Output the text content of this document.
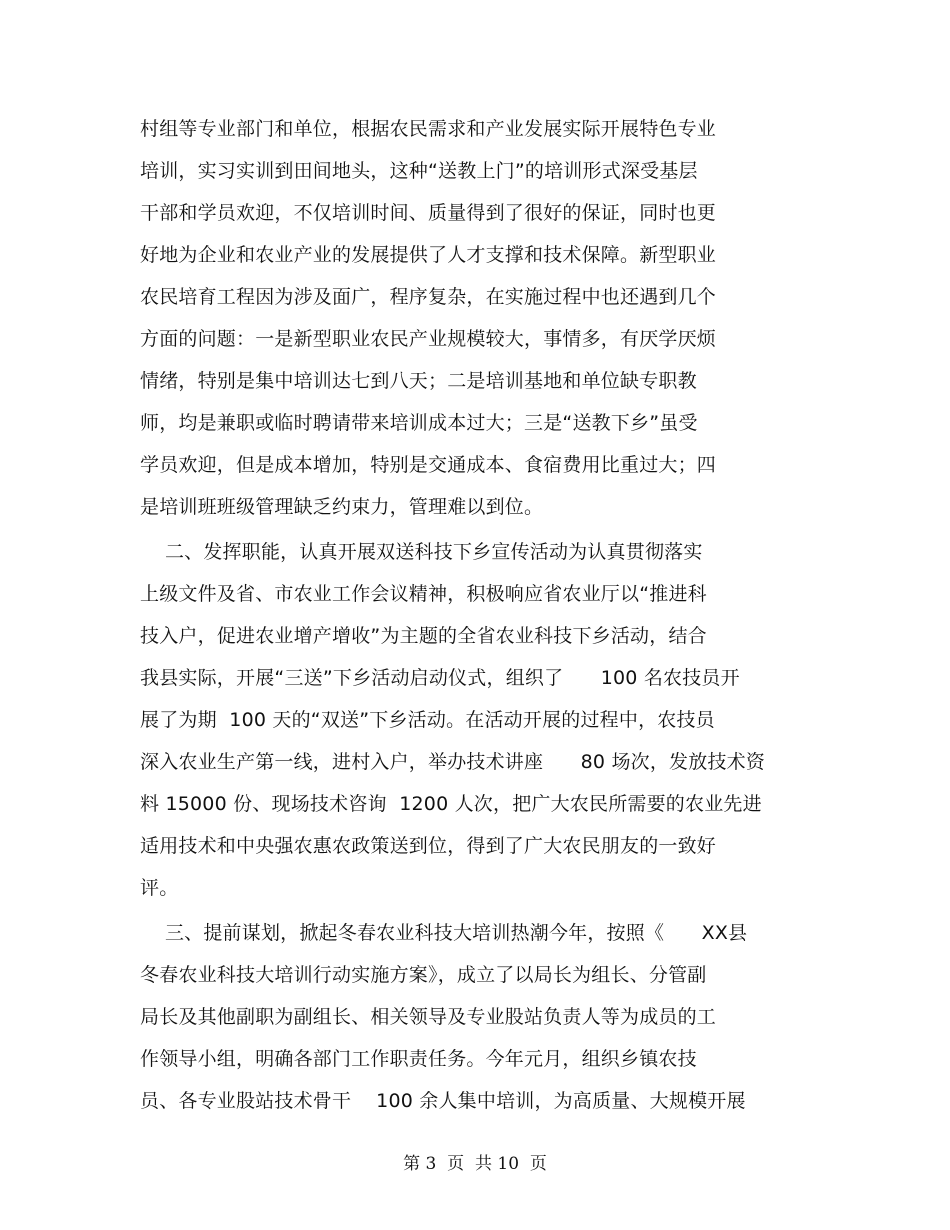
村组等专业部门和单位，根据农民需求和产业发展实际开展特色专业
培训，实习实训到田间地头，这种“送教上门”的培训形式深受基层
干部和学员欢迎，不仅培训时间、质量得到了很好的保证，同时也更
好地为企业和农业产业的发展提供了人才支撑和技术保障。新型职业
农民培育工程因为涉及面广，程序复杂，在实施过程中也还遇到几个
方面的问题：一是新型职业农民产业规模较大，事情多，有厌学厌烦
情绪，特别是集中培训达七到八天；二是培训基地和单位缺专职教
师，均是兼职或临时聘请带来培训成本过大；三是“送教下乡”虽受
学员欢迎，但是成本增加，特别是交通成本、食宿费用比重过大；四
是培训班班级管理缺乏约束力，管理难以到位。
二、发挥职能，认真开展双送科技下乡宣传活动为认真贯彻落实
上级文件及省、市农业工作会议精神，积极响应省农业厅以“推进科
技入户，促进农业增产增收”为主题的全省农业科技下乡活动，结合
我县实际，开展“三送”下乡活动启动仪式，组织了      100 名农技员开
展了为期  100 天的“双送”下乡活动。在活动开展的过程中，农技员
深入农业生产第一线，进村入户，举办技术讲座      80 场次，发放技术资
料 15000 份、现场技术咨询  1200 人次，把广大农民所需要的农业先进
适用技术和中央强农惠农政策送到位，得到了广大农民朋友的一致好
评。
三、提前谋划，掀起冬春农业科技大培训热潮今年，按照《      XX县
冬春农业科技大培训行动实施方案》，成立了以局长为组长、分管副
局长及其他副职为副组长、相关领导及专业股站负责人等为成员的工
作领导小组，明确各部门工作职责任务。今年元月，组织乡镇农技
员、各专业股站技术骨干    100 余人集中培训，为高质量、大规模开展
第 3  页  共 10  页
